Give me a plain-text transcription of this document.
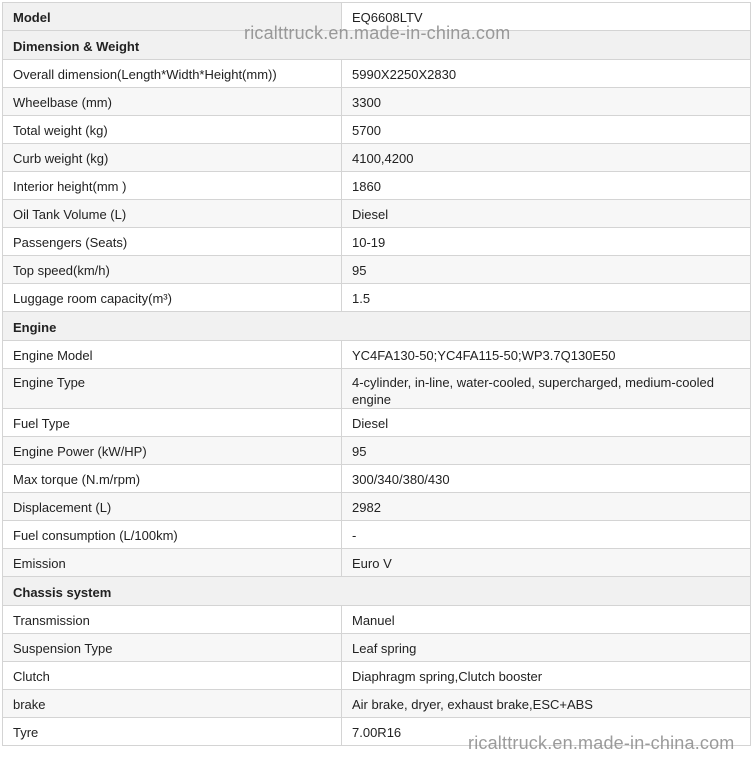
Model	EQ6608LTV
Dimension & Weight	
Overall dimension(Length*Width*Height(mm))	5990X2250X2830
Wheelbase (mm)	3300
Total weight (kg)	5700
Curb weight (kg)	4100,4200
Interior height(mm )	1860
Oil Tank Volume (L)	Diesel
Passengers (Seats)	10-19
Top speed(km/h)	95
Luggage room capacity(m³)	1.5
Engine	
Engine Model	YC4FA130-50;YC4FA115-50;WP3.7Q130E50
Engine Type	4-cylinder, in-line, water-cooled, supercharged, medium-cooled engine
Fuel Type	Diesel
Engine Power (kW/HP)	95
Max torque (N.m/rpm)	300/340/380/430
Displacement (L)	2982
Fuel consumption (L/100km)	-
Emission	Euro V
Chassis system	
Transmission	Manuel
Suspension Type	Leaf spring
Clutch	Diaphragm spring,Clutch booster
brake	Air brake, dryer, exhaust brake,ESC+ABS
Tyre	7.00R16
ricalttruck.en.made-in-china.com
ricalttruck.en.made-in-china.com
